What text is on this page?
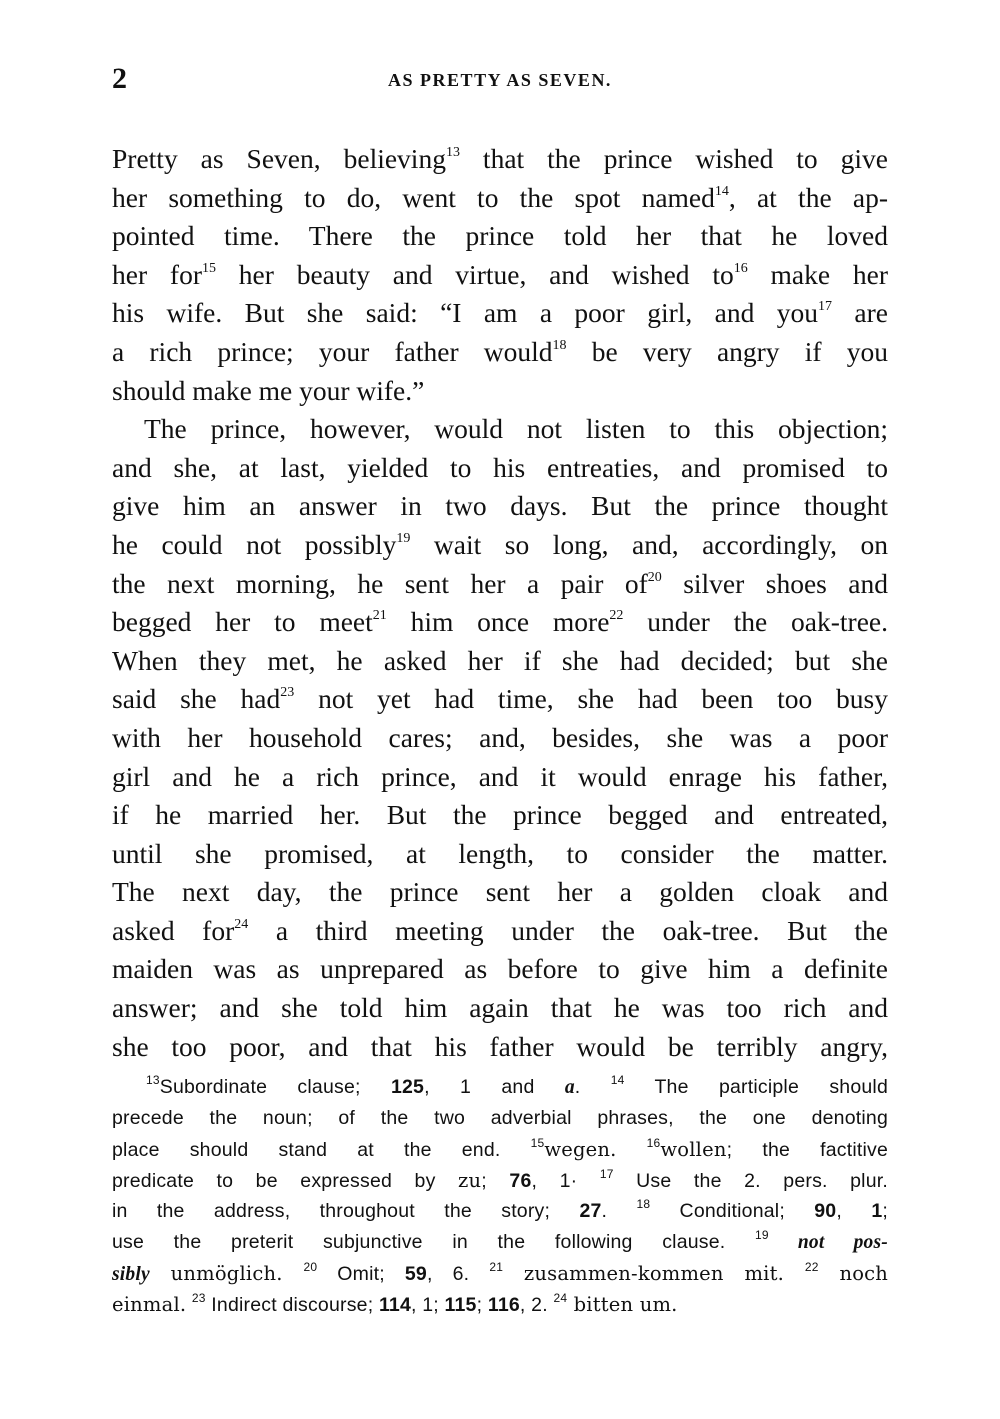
2	AS PRETTY AS SEVEN.
Pretty as Seven, believing$^{13}$ that the prince wished to give
her something to do, went to the spot named$^{14}$, at the ap-
pointed time. There the prince told her that he loved
her for$^{15}$ her beauty and virtue, and wished $to^{16}$ make her
his wife. But she said: “I am a poor girl, and you$^{17}$ are
a rich prince; your father would$^{18}$ be very angry if you
should make me your wife.”
The prince, however, would not listen to this objection;
and she, at last, yielded to his entreaties, and promised to
give him an answer in two days. But the prince thought
he could not possibly$^{19}$ wait so long, and, accordingly, on
the next morning, he sent her a pair $of^{20}$ silver shoes and
begged her to meet$^{21}$ him once more$^{22}$ under the oak-tree.
When they met, he asked her if she had decided; but she
said she had$^{23}$ not yet had time, she had been too busy
with her household cares; and, besides, she was a poor
girl and he a rich prince, and it would enrage his father,
if he married her. But the prince begged and entreated,
until she promised, at length, to consider the matter.
The next day, the prince sent her a golden cloak and
asked for$^{24}$ a third meeting under the oak-tree. But the
maiden was as unprepared as before to give him a definite
answer; and she told him again that he was too rich and
she too poor, and that his father would be terribly angry,
$^{13}$Subordinate clause; 125, 1 and a.	$^{14}$ The participle should
precede the noun; of the two adverbial phrases, the one denoting
place should stand at the end. $^{15}$wegen.	$^{16}$wollen; the factitive
predicate to be expressed by zu; 76, 1· $^{17}$ Use the 2. pers. plur.
in the address, throughout the story; 27. $^{18}$ Conditional; 90, 1;
use the preterit subjunctive in the following clause. $^{19}$ not pos-
sibly unmöglich. $^{20}$ Omit; 59, 6. $^{21}$ zusammen-kommen mit. $^{22}$ noch
einmal. $^{23}$ Indirect discourse; 114, 1; 115; 116, 2. $^{24}$ bitten um.
